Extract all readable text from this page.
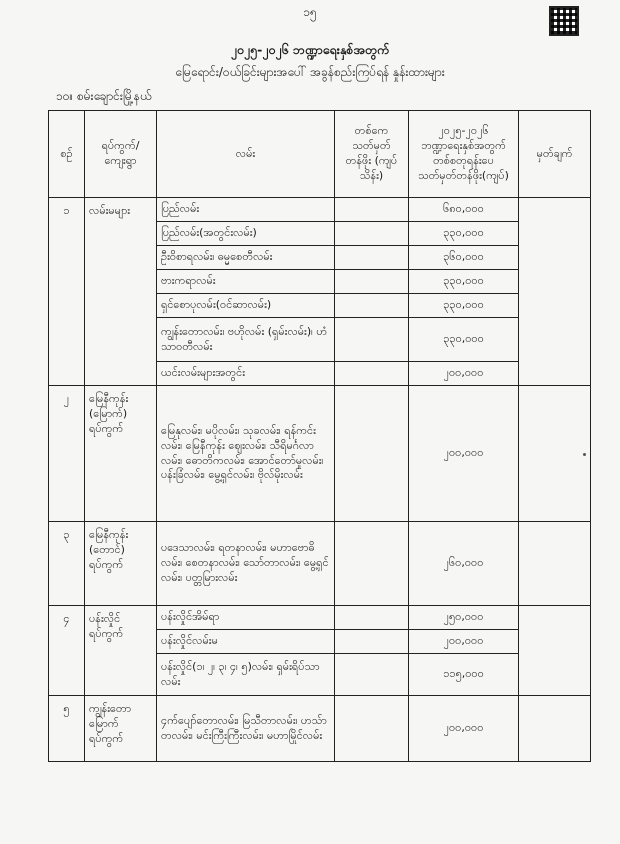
၁၅
၂၀၂၅-၂၀၂၆ ဘဏ္ဍာရေးနှစ်အတွက်
မြေရောင်း/ဝယ်ခြင်းများအပေါ် အခွန်စည်းကြပ်ရန် နှုန်းထားများ
၁၀။ စမ်းချောင်းမြို့နယ်
စဉ်	ရပ်ကွက်/ ကျေးရွာ	လမ်း	တစ်ကေ သတ်မှတ် တန်ဖိုး (ကျပ်သိန်း)	၂၀၂၅-၂၀၂၆ ဘဏ္ဍာရေးနှစ်အတွက် တစ်စတုရန်းပေ သတ်မှတ်တန်ဖိုး(ကျပ်)	မှတ်ချက်
၁	လမ်းမများ	ပြည်လမ်း		၆၈၀,၀၀၀	
		ပြည်လမ်း(အတွင်းလမ်း)		၃၃၀,၀၀၀	
		ဦးဝိစာရလမ်း၊ ဓမ္မစေတီလမ်း		၃၆၀,၀၀၀	
		ဗားကရာလမ်း		၃၃၀,၀၀၀	
		ရှင်စောပုလမ်း(ဝင်ဆာလမ်း)		၃၃၀,၀၀၀	
		ကျွန်းတောလမ်း၊ ဗဟိုလမ်း (ရှမ်းလမ်း)၊ ဟံသာဝတီလမ်း		၃၃၀,၀၀၀	
		ယင်းလမ်းများအတွင်း		၂၀၀,၀၀၀	
၂	မြေနီကုန်း (မြောက်) ရပ်ကွက်	မြေနုလမ်း၊ မပိုလမ်း၊ သုခလမ်း၊ ရန်ကင်းလမ်း၊ မြေနီကုန်း ဈေးလမ်း၊ သီရိမင်္ဂလာလမ်း၊ ဓောတိကလမ်း၊ အောင်တော်မူလမ်း၊ ပန်းခြံလမ်း၊ မွေ့ရှင်လမ်း၊ ဗိုလ်မိုးလမ်း		၂၀၀,၀၀၀	
၃	မြေနီကုန်း (တောင်) ရပ်ကွက်	ပဒေသာလမ်း၊ ရတနာလမ်း၊ မဟာဗောဓိလမ်း၊ စေတနာလမ်း၊ သော်တာလမ်း၊ မွေ့ရှင်လမ်း၊ ပတ္တမြားလမ်း		၂၆၀,၀၀၀	
၄	ပန်းလှိုင် ရပ်ကွက်	ပန်းလှိုင်အိမ်ရာ		၂၅၀,၀၀၀	
		ပန်းလှိုင်လမ်းမ		၂၀၀,၀၀၀	
		ပန်းလှိုင်(၁၊ ၂၊ ၃၊ ၄၊ ၅)လမ်း၊ ရှမ်းရိပ်သာလမ်း		၁၁၅,၀၀၀	
၅	ကျွန်းတော မြောက် ရပ်ကွက်	၄က်ပျော်တောလမ်း၊ မြသီတာလမ်း၊ ဟသ်ာတလမ်း၊ မင်းကြီးကြီးလမ်း၊ မဟာမြိုင်လမ်း		၂၀၀,၀၀၀	
